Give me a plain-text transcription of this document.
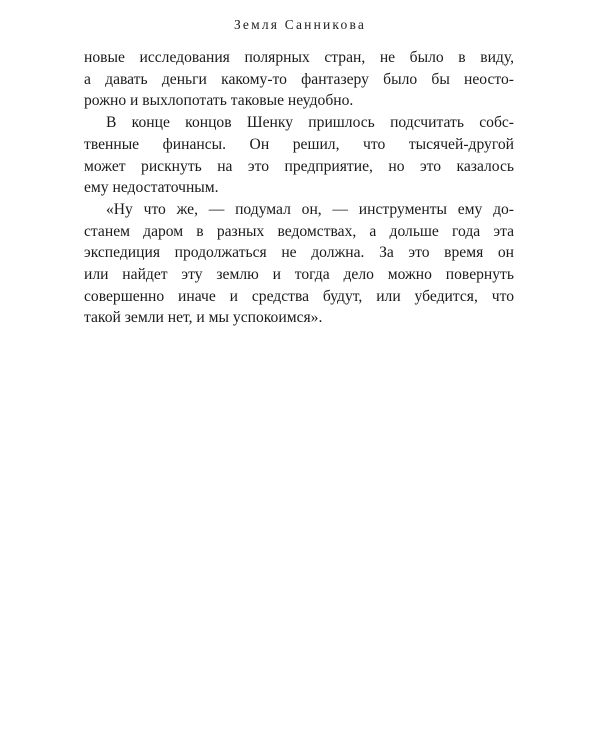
Земля Санникова
новые исследования полярных стран, не было в виду,
а давать деньги какому-то фантазеру было бы неосто-
рожно и выхлопотать таковые неудобно.
В конце концов Шенку пришлось подсчитать собс-
твенные финансы. Он решил, что тысячей-другой
может рискнуть на это предприятие, но это казалось
ему недостаточным.
«Ну что же, — подумал он, — инструменты ему до-
станем даром в разных ведомствах, а дольше года эта
экспедиция продолжаться не должна. За это время он
или найдет эту землю и тогда дело можно повернуть
совершенно иначе и средства будут, или убедится, что
такой земли нет, и мы успокоимся».
